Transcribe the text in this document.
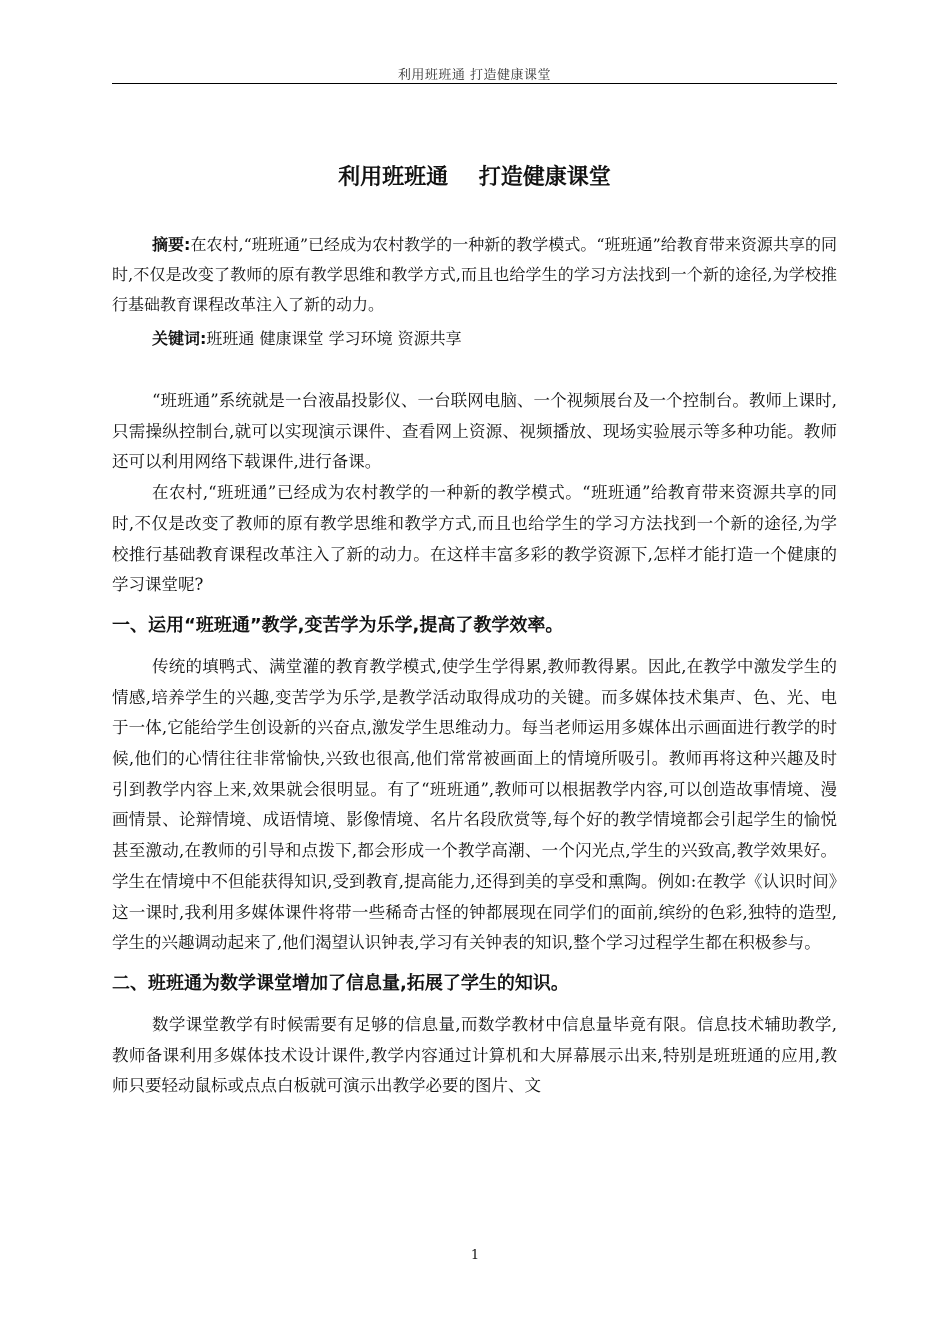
利用班班通 打造健康课堂
利用班班通    打造健康课堂
摘要:在农村,“班班通”已经成为农村教学的一种新的教学模式。“班班通”给教育带来资源共享的同时,不仅是改变了教师的原有教学思维和教学方式,而且也给学生的学习方法找到一个新的途径,为学校推行基础教育课程改革注入了新的动力。
关键词:班班通 健康课堂 学习环境 资源共享

“班班通”系统就是一台液晶投影仪、一台联网电脑、一个视频展台及一个控制台。教师上课时,只需操纵控制台,就可以实现演示课件、查看网上资源、视频播放、现场实验展示等多种功能。教师还可以利用网络下载课件,进行备课。

在农村,“班班通”已经成为农村教学的一种新的教学模式。“班班通”给教育带来资源共享的同时,不仅是改变了教师的原有教学思维和教学方式,而且也给学生的学习方法找到一个新的途径,为学校推行基础教育课程改革注入了新的动力。在这样丰富多彩的教学资源下,怎样才能打造一个健康的学习课堂呢?

一、运用“班班通”教学,变苦学为乐学,提高了教学效率。

传统的填鸭式、满堂灌的教育教学模式,使学生学得累,教师教得累。因此,在教学中激发学生的情感,培养学生的兴趣,变苦学为乐学,是教学活动取得成功的关键。而多媒体技术集声、色、光、电于一体,它能给学生创设新的兴奋点,激发学生思维动力。每当老师运用多媒体出示画面进行教学的时候,他们的心情往往非常愉快,兴致也很高,他们常常被画面上的情境所吸引。教师再将这种兴趣及时引到教学内容上来,效果就会很明显。有了“班班通”,教师可以根据教学内容,可以创造故事情境、漫画情景、论辩情境、成语情境、影像情境、名片名段欣赏等,每个好的教学情境都会引起学生的愉悦甚至激动,在教师的引导和点拨下,都会形成一个教学高潮、一个闪光点,学生的兴致高,教学效果好。学生在情境中不但能获得知识,受到教育,提高能力,还得到美的享受和熏陶。例如:在教学《认识时间》这一课时,我利用多媒体课件将带一些稀奇古怪的钟都展现在同学们的面前,缤纷的色彩,独特的造型,学生的兴趣调动起来了,他们渴望认识钟表,学习有关钟表的知识,整个学习过程学生都在积极参与。

二、班班通为数学课堂增加了信息量,拓展了学生的知识。

数学课堂教学有时候需要有足够的信息量,而数学教材中信息量毕竟有限。信息技术辅助教学,教师备课利用多媒体技术设计课件,教学内容通过计算机和大屏幕展示出来,特别是班班通的应用,教师只要轻动鼠标或点点白板就可演示出教学必要的图片、文

1
